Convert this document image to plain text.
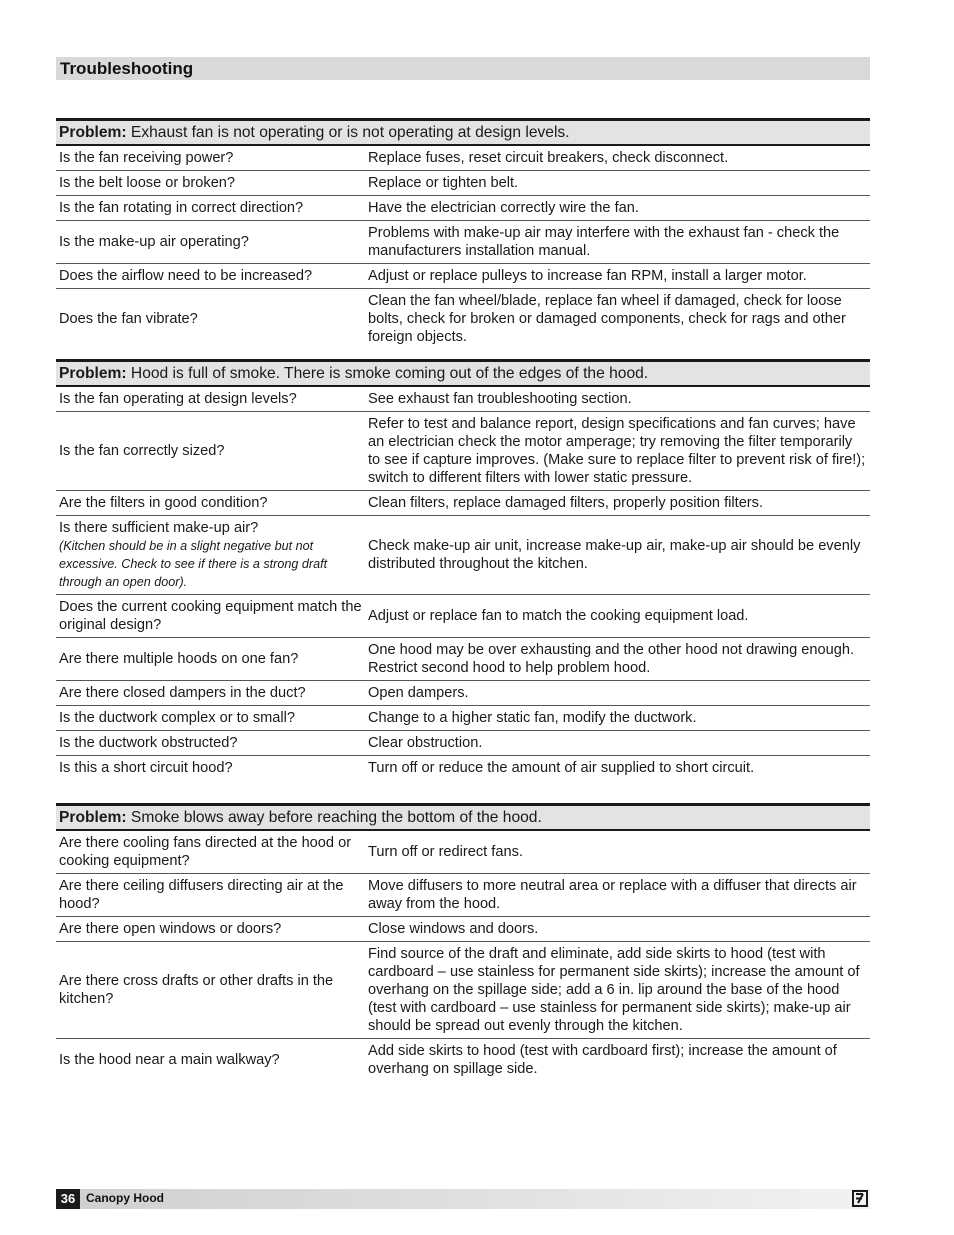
Troubleshooting
Problem: Exhaust fan is not operating or is not operating at design levels.	
Is the fan receiving power?	Replace fuses, reset circuit breakers, check disconnect.
Is the belt loose or broken?	Replace or tighten belt.
Is the fan rotating in correct direction?	Have the electrician correctly wire the fan.
Is the make-up air operating?	Problems with make-up air may interfere with the exhaust fan - check the manufacturers installation manual.
Does the airflow need to be increased?	Adjust or replace pulleys to increase fan RPM, install a larger motor.
Does the fan vibrate?	Clean the fan wheel/blade, replace fan wheel if damaged, check for loose bolts, check for broken or damaged components, check for rags and other foreign objects.
Problem: Hood is full of smoke. There is smoke coming out of the edges of the hood.	
Is the fan operating at design levels?	See exhaust fan troubleshooting section.
Is the fan correctly sized?	Refer to test and balance report, design specifications and fan curves; have an electrician check the motor amperage; try removing the filter temporarily to see if capture improves. (Make sure to replace filter to prevent risk of fire!); switch to different filters with lower static pressure.
Are the filters in good condition?	Clean filters, replace damaged filters, properly position filters.
Is there sufficient make-up air?
(Kitchen should be in a slight negative but not excessive. Check to see if there is a strong draft through an open door).	Check make-up air unit, increase make-up air, make-up air should be evenly distributed throughout the kitchen.
Does the current cooking equipment match the original design?	Adjust or replace fan to match the cooking equipment load.
Are there multiple hoods on one fan?	One hood may be over exhausting and the other hood not drawing enough. Restrict second hood to help problem hood.
Are there closed dampers in the duct?	Open dampers.
Is the ductwork complex or to small?	Change to a higher static fan, modify the ductwork.
Is the ductwork obstructed?	Clear obstruction.
Is this a short circuit hood?	Turn off or reduce the amount of air supplied to short circuit.
Problem: Smoke blows away before reaching the bottom of the hood.	
Are there cooling fans directed at the hood or cooking equipment?	Turn off or redirect fans.
Are there ceiling diffusers directing air at the hood?	Move diffusers to more neutral area or replace with a diffuser that directs air away from the hood.
Are there open windows or doors?	Close windows and doors.
Are there cross drafts or other drafts in the kitchen?	Find source of the draft and eliminate, add side skirts to hood (test with cardboard – use stainless for permanent side skirts); increase the amount of overhang on the spillage side; add a 6 in. lip around the base of the hood (test with cardboard – use stainless for permanent side skirts); make-up air should be spread out evenly through the kitchen.
Is the hood near a main walkway?	Add side skirts to hood (test with cardboard first); increase the amount of overhang on spillage side.
36 Canopy Hood
